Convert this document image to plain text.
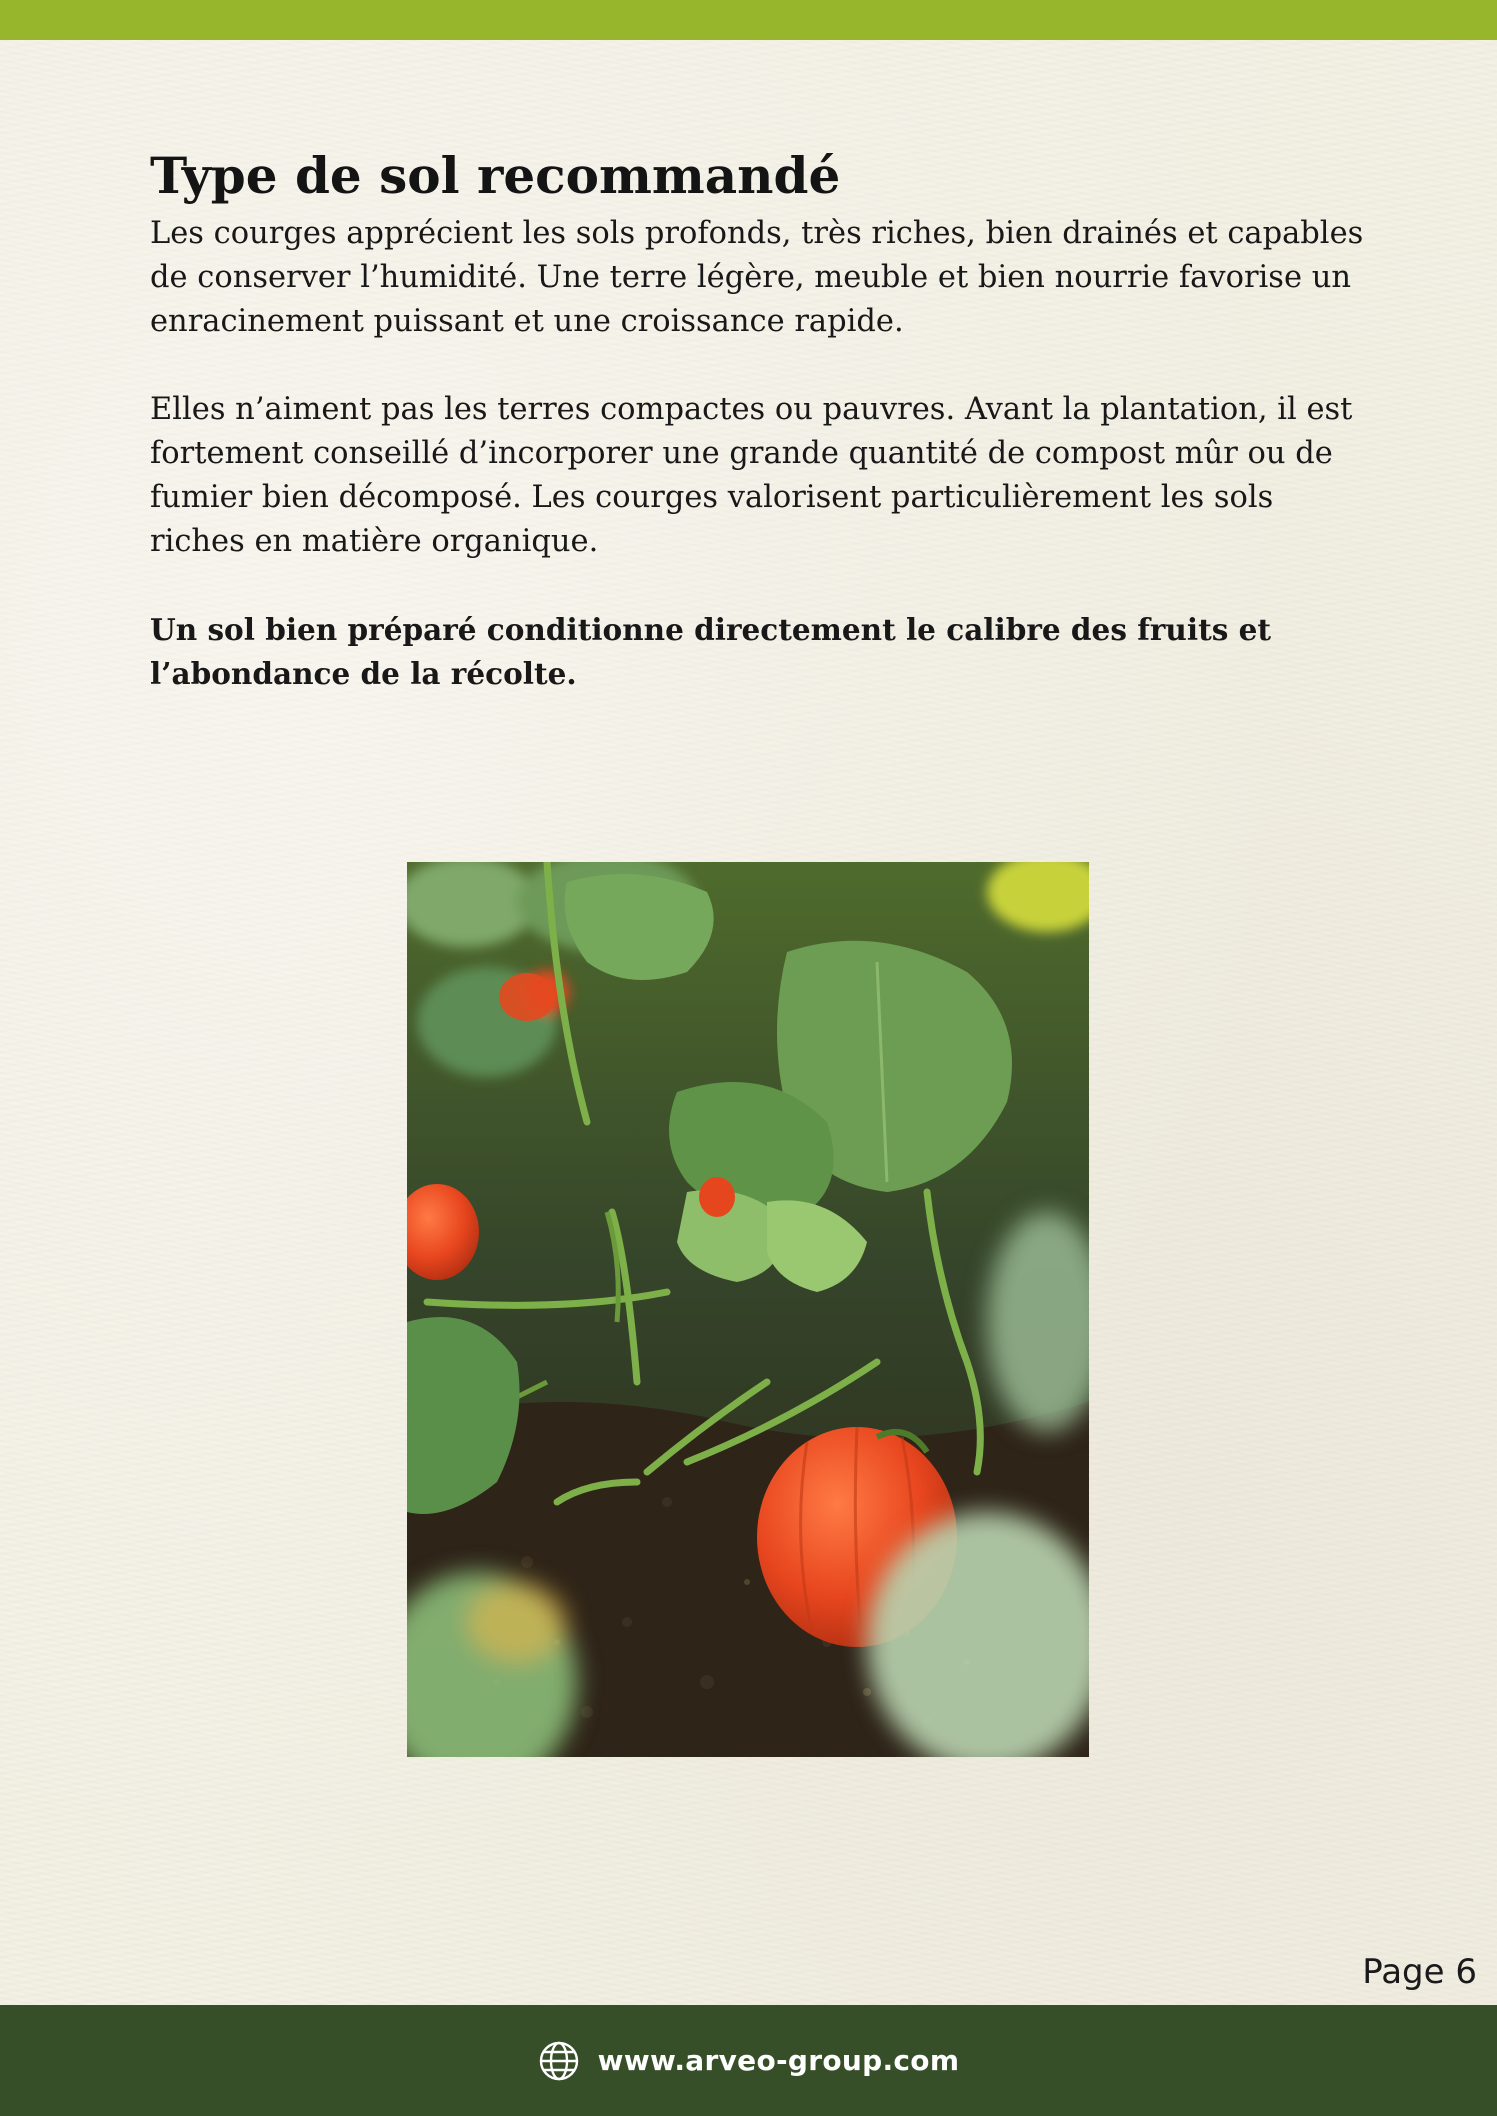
Type de sol recommandé

Les courges apprécient les sols profonds, très riches, bien drainés et capables de conserver l’humidité. Une terre légère, meuble et bien nourrie favorise un enracinement puissant et une croissance rapide.

Elles n’aiment pas les terres compactes ou pauvres. Avant la plantation, il est fortement conseillé d’incorporer une grande quantité de compost mûr ou de fumier bien décomposé. Les courges valorisent particulièrement les sols riches en matière organique.

Un sol bien préparé conditionne directement le calibre des fruits et l’abondance de la récolte.

Page 6
www.arveo-group.com
